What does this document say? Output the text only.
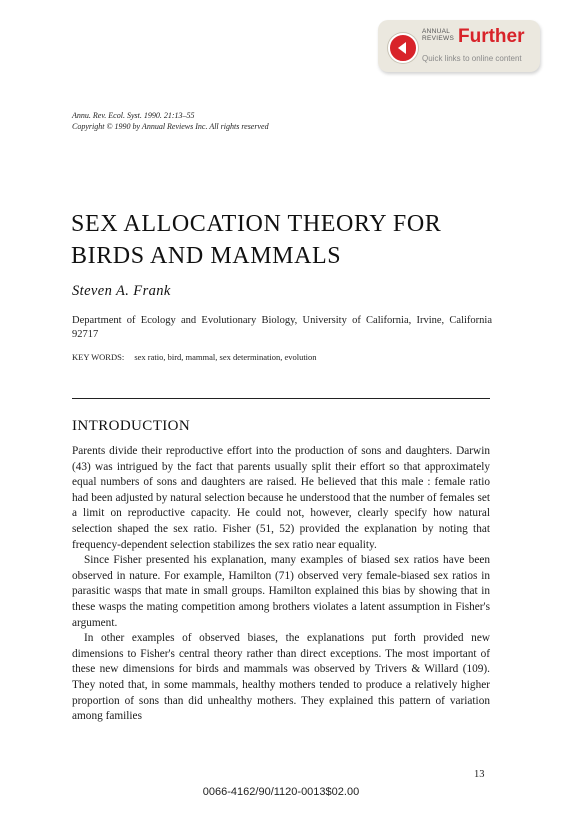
ANNUAL
REVIEWS Further
Quick links to online content
Annu. Rev. Ecol. Syst. 1990. 21:13–55
Copyright © 1990 by Annual Reviews Inc. All rights reserved
SEX ALLOCATION THEORY FOR
BIRDS AND MAMMALS
Steven A. Frank
Department of Ecology and Evolutionary Biology, University of California, Irvine, California 92717
KEY WORDS: sex ratio, bird, mammal, sex determination, evolution
INTRODUCTION

Parents divide their reproductive effort into the production of sons and daughters. Darwin (43) was intrigued by the fact that parents usually split their effort so that approximately equal numbers of sons and daughters are raised. He believed that this male : female ratio had been adjusted by natural selection because he understood that the number of females set a limit on reproductive capacity. He could not, however, clearly specify how natural selection shaped the sex ratio. Fisher (51, 52) provided the explanation by noting that frequency-dependent selection stabilizes the sex ratio near equality.

Since Fisher presented his explanation, many examples of biased sex ratios have been observed in nature. For example, Hamilton (71) observed very female-biased sex ratios in parasitic wasps that mate in small groups. Hamilton explained this bias by showing that in these wasps the mating competition among brothers violates a latent assumption in Fisher's argument.

In other examples of observed biases, the explanations put forth provided new dimensions to Fisher's central theory rather than direct exceptions. The most important of these new dimensions for birds and mammals was observed by Trivers & Willard (109). They noted that, in some mammals, healthy mothers tended to produce a relatively higher proportion of sons than did unhealthy mothers. They explained this pattern of variation among families

13
0066-4162/90/1120-0013$02.00
